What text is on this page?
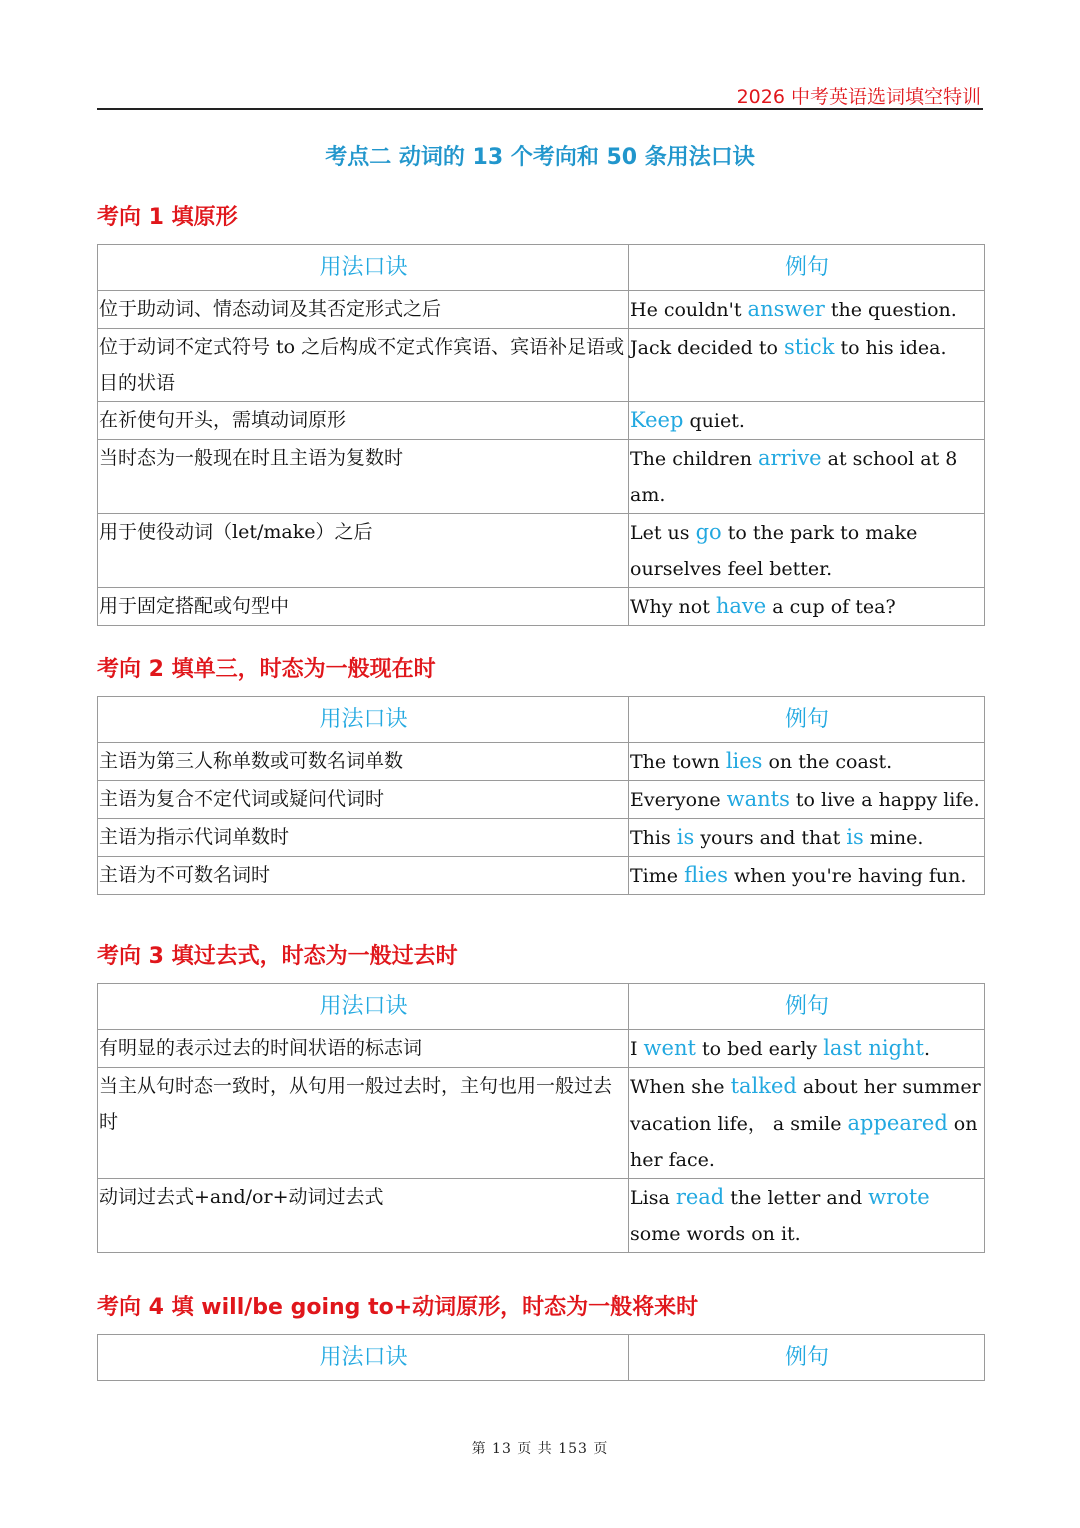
2026 中考英语选词填空特训
考点二 动词的 13 个考向和 50 条用法口诀
考向 1 填原形
用法口诀	例句
位于助动词、情态动词及其否定形式之后	He couldn't answer the question.
位于动词不定式符号 to 之后构成不定式作宾语、宾语补足语或目的状语	Jack decided to stick to his idea.
在祈使句开头，需填动词原形	Keep quiet.
当时态为一般现在时且主语为复数时	The children arrive at school at 8 am.
用于使役动词（let/make）之后	Let us go to the park to make ourselves feel better.
用于固定搭配或句型中	Why not have a cup of tea?
考向 2 填单三，时态为一般现在时
用法口诀	例句
主语为第三人称单数或可数名词单数	The town lies on the coast.
主语为复合不定代词或疑问代词时	Everyone wants to live a happy life.
主语为指示代词单数时	This is yours and that is mine.
主语为不可数名词时	Time flies when you're having fun.
考向 3 填过去式，时态为一般过去时
用法口诀	例句
有明显的表示过去的时间状语的标志词	I went to bed early last night.
当主从句时态一致时，从句用一般过去时，主句也用一般过去时	When she talked about her summer vacation life， a smile appeared on her face.
动词过去式+and/or+动词过去式	Lisa read the letter and wrote some words on it.
考向 4 填 will/be going to+动词原形，时态为一般将来时
用法口诀	例句
第 13 页 共 153 页
